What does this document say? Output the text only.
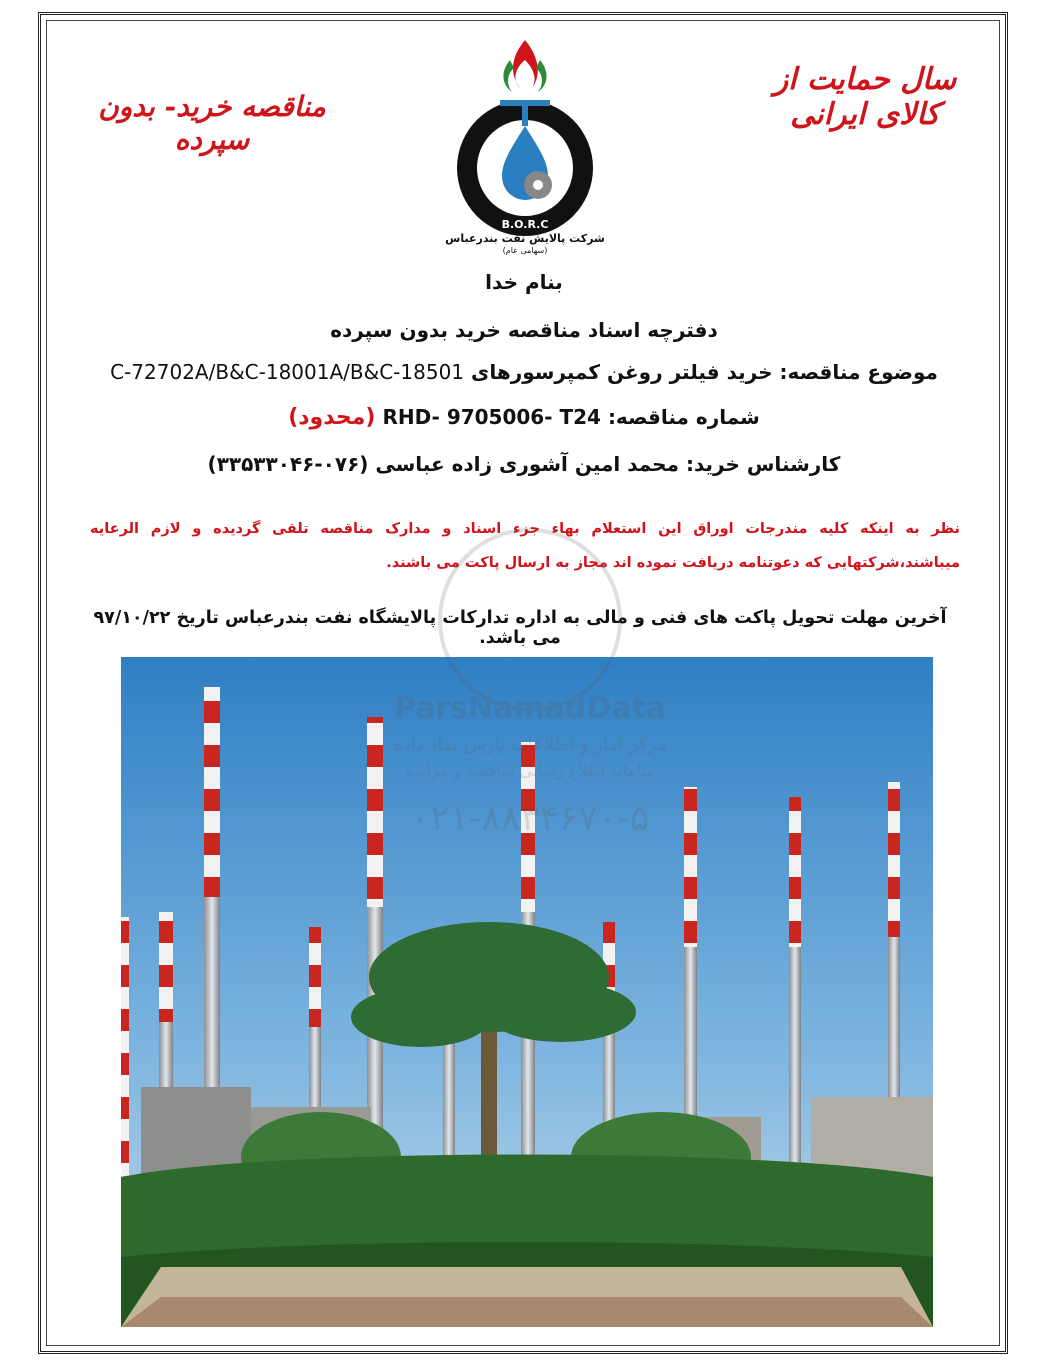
سال حمایت از کالای ایرانی
مناقصه خرید- بدون سپرده
B.O.R.C
شرکت پالایش نفت بندرعباس
(سهامی عام)
بنام خدا
دفترچه اسناد مناقصه خرید بدون سپرده
موضوع مناقصه: خرید فیلتر روغن کمپرسورهای C-72702A/B&C-18001A/B&C-18501
شماره مناقصه: RHD- 9705006- T24 (محدود)
کارشناس خرید: محمد امین آشوری زاده عباسی (۰۷۶-۳۳۵۳۳۰۴۶)
نظر به اینکه کلیه مندرجات اوراق این استعلام بهاء جزء اسناد و مدارک مناقصه تلقی گردیده و لازم الرعایه میباشند،شرکتهایی که دعوتنامه دریافت نموده اند مجاز به ارسال پاکت می باشند.
آخرین مهلت تحویل پاکت های فنی و مالی به اداره تدارکات پالایشگاه نفت بندرعباس تاریخ ۹۷/۱۰/۲۲ می باشد.
ParsNamadData
مرکز آمار و اطلاعات پارس نماد داده
سامانه اطلاع رسانی مناقصه و مزایده
۰۲۱-۸۸۳۴۶۷۰-۵
